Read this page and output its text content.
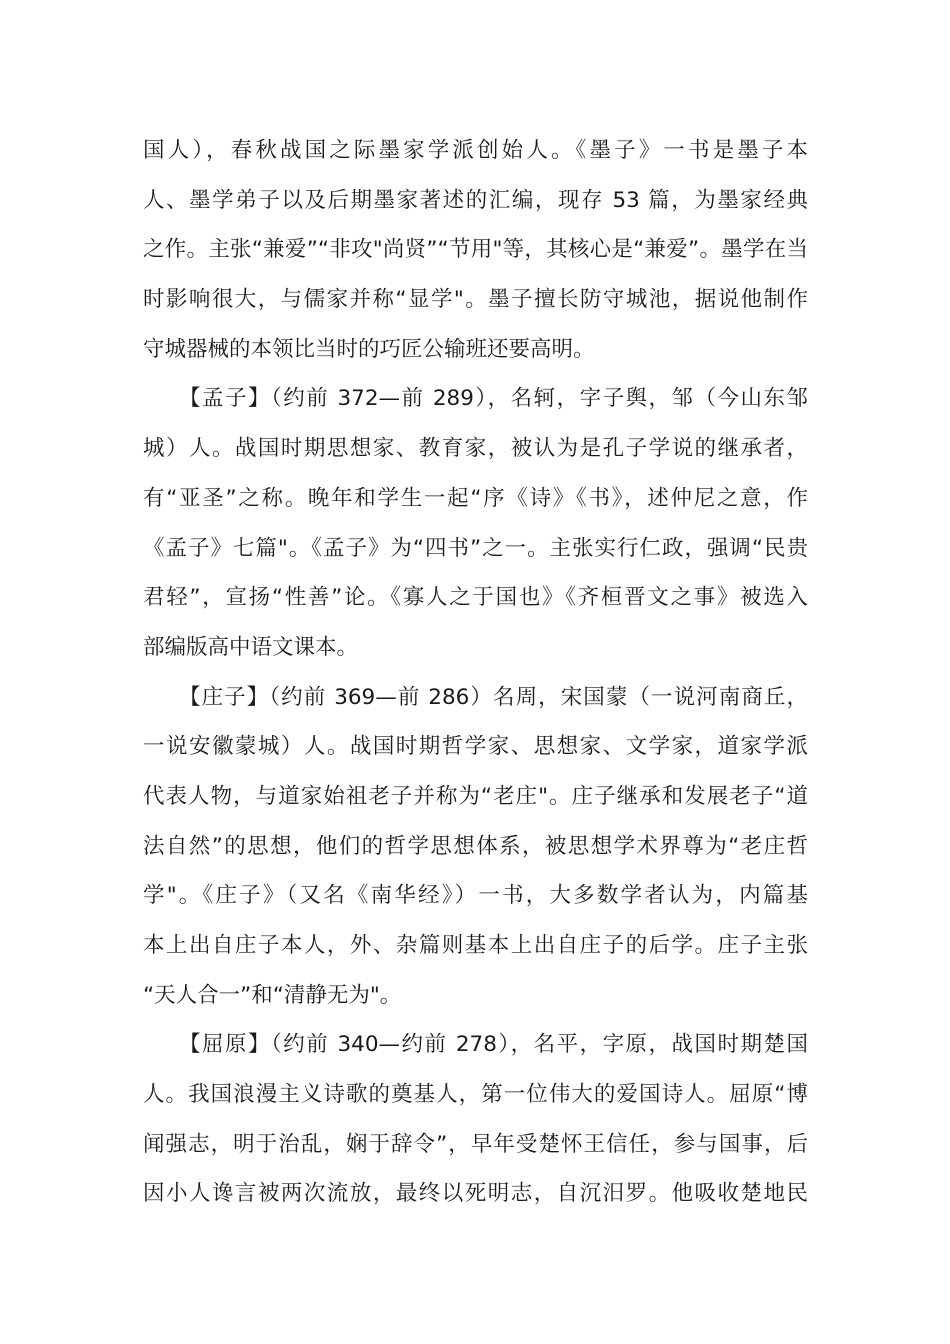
国人），春秋战国之际墨家学派创始人。《墨子》一书是墨子本
人、墨学弟子以及后期墨家著述的汇编，现存 53 篇，为墨家经典
之作。主张“兼爱”“非攻"尚贤”“节用"等，其核心是“兼爱”。墨学在当
时影响很大，与儒家并称“显学"。墨子擅长防守城池，据说他制作
守城器械的本领比当时的巧匠公输班还要高明。
【孟子】（约前 372—前 289），名轲，字子舆，邹（今山东邹
城）人。战国时期思想家、教育家，被认为是孔子学说的继承者，
有“亚圣”之称。晚年和学生一起“序《诗》《书》，述仲尼之意，作
《孟子》七篇"。《孟子》为“四书”之一。主张实行仁政，强调“民贵
君轻”，宣扬“性善”论。《寡人之于国也》《齐桓晋文之事》被选入
部编版高中语文课本。
【庄子】（约前 369—前 286）名周，宋国蒙（一说河南商丘，
一说安徽蒙城）人。战国时期哲学家、思想家、文学家，道家学派
代表人物，与道家始祖老子并称为“老庄"。庄子继承和发展老子“道
法自然”的思想，他们的哲学思想体系，被思想学术界尊为“老庄哲
学"。《庄子》（又名《南华经》）一书，大多数学者认为，内篇基
本上出自庄子本人，外、杂篇则基本上出自庄子的后学。庄子主张
“天人合一”和“清静无为"。
【屈原】（约前 340—约前 278），名平，字原，战国时期楚国
人。我国浪漫主义诗歌的奠基人，第一位伟大的爱国诗人。屈原“博
闻强志，明于治乱，娴于辞令”，早年受楚怀王信任，参与国事，后
因小人谗言被两次流放，最终以死明志，自沉汨罗。他吸收楚地民
